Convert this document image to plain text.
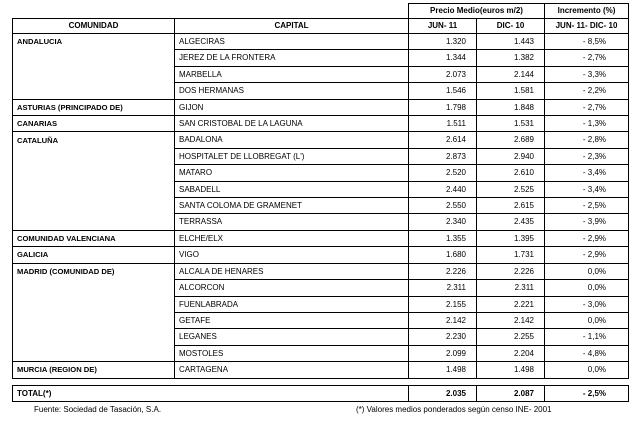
		Precio Medio(euros m/2)		Incremento (%)
COMUNIDAD	CAPITAL	JUN- 11	DIC- 10	JUN- 11- DIC- 10
ANDALUCIA	ALGECIRAS	1.320	1.443	- 8,5%
	JEREZ DE LA FRONTERA	1.344	1.382	- 2,7%
	MARBELLA	2.073	2.144	- 3,3%
	DOS HERMANAS	1.546	1.581	- 2,2%
ASTURIAS (PRINCIPADO DE)	GIJON	1.798	1.848	- 2,7%
CANARIAS	SAN CRISTOBAL DE LA LAGUNA	1.511	1.531	- 1,3%
CATALUÑA	BADALONA	2.614	2.689	- 2,8%
	HOSPITALET DE LLOBREGAT (L')	2.873	2.940	- 2,3%
	MATARO	2.520	2.610	- 3,4%
	SABADELL	2.440	2.525	- 3,4%
	SANTA COLOMA DE GRAMENET	2.550	2.615	- 2,5%
	TERRASSA	2.340	2.435	- 3,9%
COMUNIDAD VALENCIANA	ELCHE/ELX	1.355	1.395	- 2,9%
GALICIA	VIGO	1.680	1.731	- 2,9%
MADRID (COMUNIDAD DE)	ALCALA DE HENARES	2.226	2.226	0,0%
	ALCORCON	2.311	2.311	0,0%
	FUENLABRADA	2.155	2.221	- 3,0%
	GETAFE	2.142	2.142	0,0%
	LEGANES	2.230	2.255	- 1,1%
	MOSTOLES	2.099	2.204	- 4,8%
MURCIA (REGION DE)	CARTAGENA	1.498	1.498	0,0%

TOTAL(*)		2.035	2.087	- 2,5%
Fuente: Sociedad de Tasación, S.A.	(*) Valores medios ponderados según censo INE- 2001
